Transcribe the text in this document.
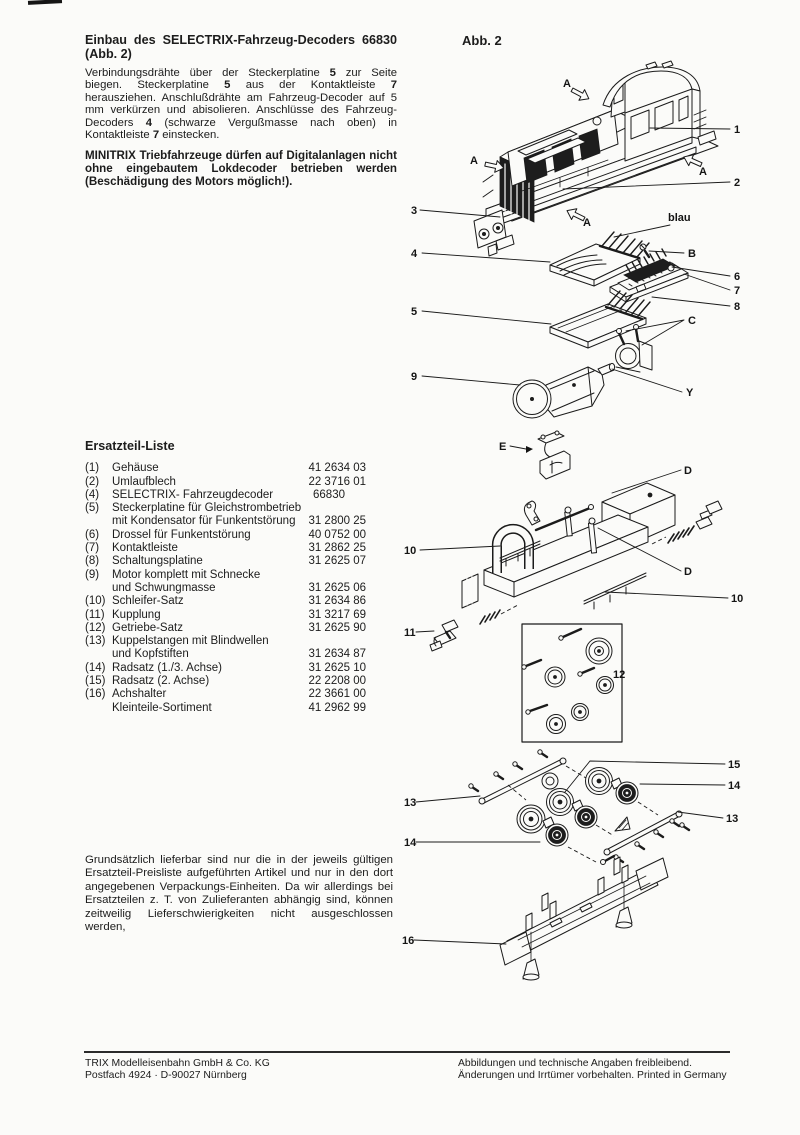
Einbau des SELECTRIX-Fahrzeug-Decoders 66830
(Abb. 2)
Verbindungsdrähte über der Steckerplatine 5 zur Seite biegen. Steckerplatine 5 aus der Kontaktleiste 7 herausziehen. Anschlußdrähte am Fahrzeug-Decoder auf 5 mm verkürzen und abisolieren. Anschlüsse des Fahrzeug-Decoders 4 (schwarze Vergußmasse nach oben) in Kontaktleiste 7 einstecken.
MINITRIX Triebfahrzeuge dürfen auf Digitalanlagen nicht ohne eingebautem Lokdecoder betrieben werden (Beschädigung des Motors möglich!).
Ersatzteil-Liste
(1)	Gehäuse	41 2634 03
(2)	Umlaufblech	22 3716 01
(4)	SELECTRIX- Fahrzeugdecoder	66830
(5)	Steckerplatine für Gleichstrombetrieb
mit Kondensator für Funkentstörung	31 2800 25
(6)	Drossel für Funkentstörung	40 0752 00
(7)	Kontaktleiste	31 2862 25
(8)	Schaltungsplatine	31 2625 07
(9)	Motor komplett mit Schnecke
und Schwungmasse	31 2625 06
(10) Schleifer-Satz	31 2634 86
(11) Kupplung	31 3217 69
(12) Getriebe-Satz	31 2625 90
(13) Kuppelstangen mit Blindwellen
und Kopfstiften	31 2634 87
(14) Radsatz (1./3. Achse)	31 2625 10
(15) Radsatz (2. Achse)	22 2208 00
(16) Achshalter	22 3661 00
Kleinteile-Sortiment	41 2962 99
Grundsätzlich lieferbar sind nur die in der jeweils gültigen Ersatzteil-Preisliste aufgeführten Artikel und nur in den dort angegebenen Verpackungs-Einheiten. Da wir allerdings bei Ersatzteilen z. T. von Zulieferanten abhängig sind, können zeitweilig Lieferschwierigkeiten nicht ausgeschlossen werden,
Abb. 2
1
2
3
4
5
6
7
8
9
10
10
11
12
13
13
14
14
15
16
A
A
A
A
B
C
D
D
E
Y
blau
TRIX Modelleisenbahn GmbH & Co. KG
Postfach 4924 · D-90027 Nürnberg
Abbildungen und technische Angaben freibleibend.
Änderungen und Irrtümer vorbehalten. Printed in Germany
